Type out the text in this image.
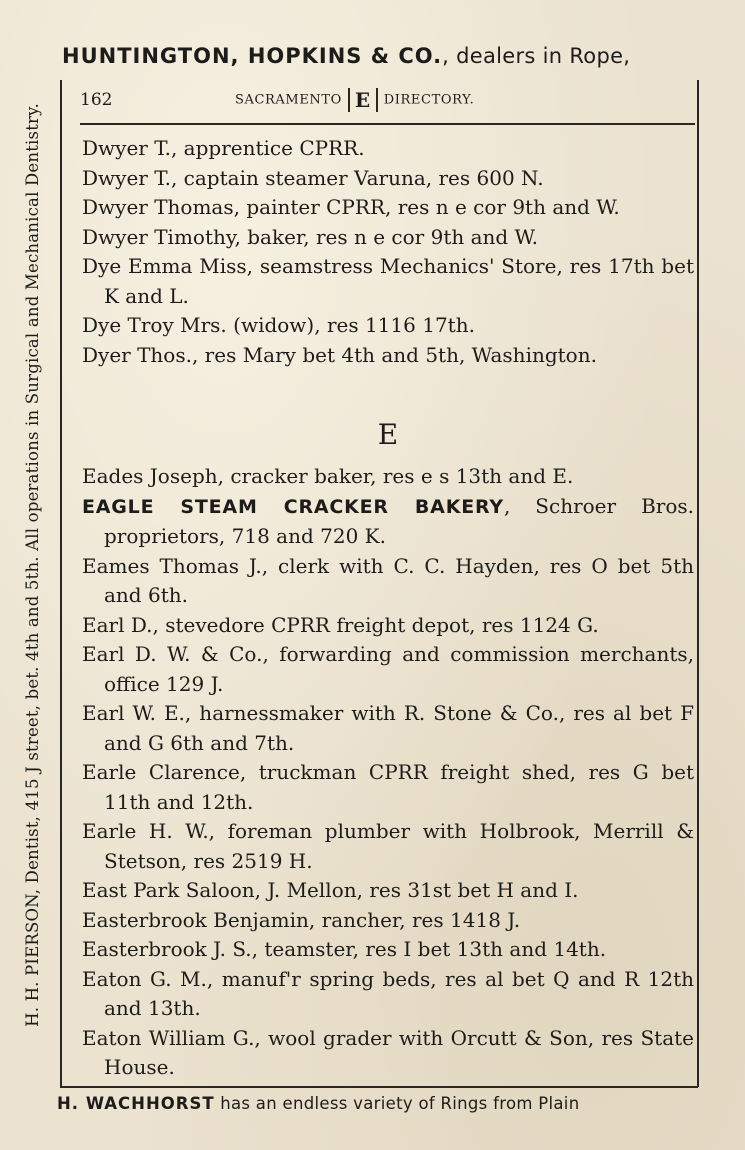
HUNTINGTON, HOPKINS & CO., dealers in Rope,
162	SACRAMENTO E DIRECTORY.
H. H. PIERSON, Dentist, 415 J street, bet. 4th and 5th. All operations in Surgical and Mechanical Dentistry. Dwyer T., apprentice CPRR.
Dwyer T., captain steamer Varuna, res 600 N.
Dwyer Thomas, painter CPRR, res n e cor 9th and W.
Dwyer Timothy, baker, res n e cor 9th and W.
Dye Emma Miss, seamstress Mechanics' Store, res 17th bet K and L.
Dye Troy Mrs. (widow), res 1116 17th.
Dyer Thos., res Mary bet 4th and 5th, Washington.
E
Eades Joseph, cracker baker, res e s 13th and E.
EAGLE STEAM CRACKER BAKERY, Schroer Bros. proprietors, 718 and 720 K.
Eames Thomas J., clerk with C. C. Hayden, res O bet 5th and 6th.
Earl D., stevedore CPRR freight depot, res 1124 G.
Earl D. W. & Co., forwarding and commission merchants, office 129 J.
Earl W. E., harnessmaker with R. Stone & Co., res al bet F and G 6th and 7th.
Earle Clarence, truckman CPRR freight shed, res G bet 11th and 12th.
Earle H. W., foreman plumber with Holbrook, Merrill & Stetson, res 2519 H.
East Park Saloon, J. Mellon, res 31st bet H and I.
Easterbrook Benjamin, rancher, res 1418 J.
Easterbrook J. S., teamster, res I bet 13th and 14th.
Eaton G. M., manuf'r spring beds, res al bet Q and R 12th and 13th.
Eaton William G., wool grader with Orcutt & Son, res State House.
H. WACHHORST has an endless variety of Rings from Plain
